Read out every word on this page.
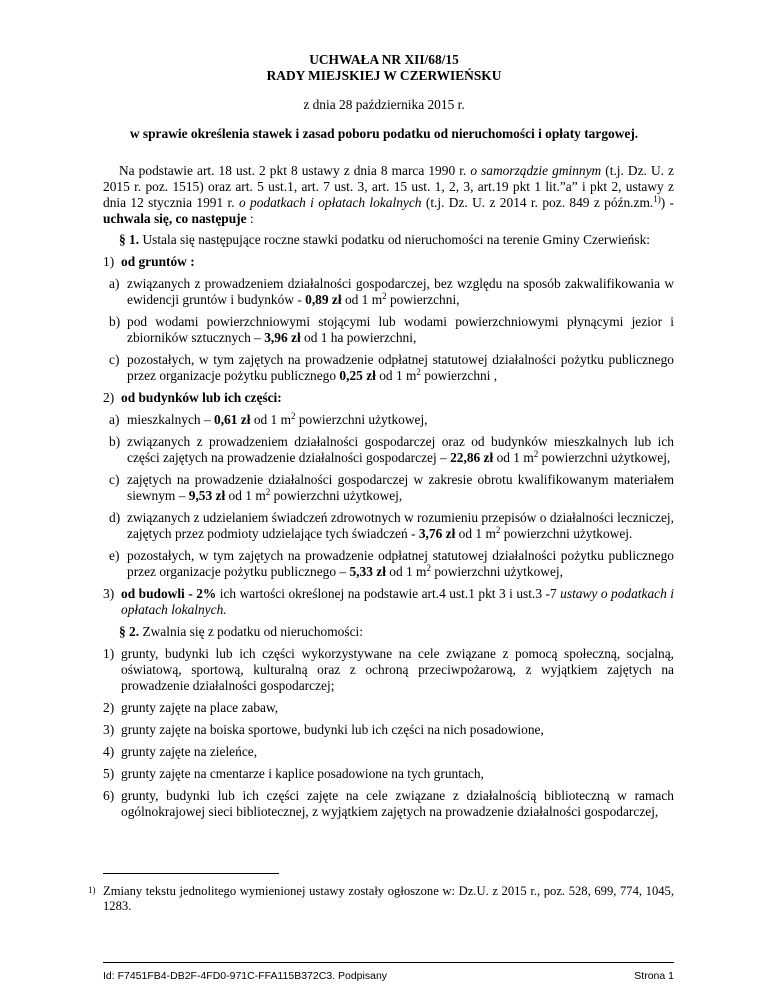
UCHWAŁA NR XII/68/15
RADY MIEJSKIEJ W CZERWIEŃSKU
z dnia 28 października 2015 r.
w sprawie określenia stawek i zasad poboru podatku od nieruchomości i opłaty targowej.

Na podstawie art. 18 ust. 2 pkt 8 ustawy z dnia 8 marca 1990 r. o samorządzie gminnym (t.j. Dz. U. z 2015 r. poz. 1515) oraz art. 5 ust.1, art. 7 ust. 3, art. 15 ust. 1, 2, 3, art.19 pkt 1 lit.”a” i pkt 2, ustawy z dnia 12 stycznia 1991 r. o podatkach i opłatach lokalnych (t.j. Dz. U. z 2014 r. poz. 849 z późn.zm.$^{1)}$) - uchwala się, co następuje :

§ 1. Ustala się następujące roczne stawki podatku od nieruchomości na terenie Gminy Czerwieńsk:

1) od gruntów :
a) związanych z prowadzeniem działalności gospodarczej, bez względu na sposób zakwalifikowania w ewidencji gruntów i budynków - 0,89 zł od 1 $m^2$ powierzchni,
b) pod wodami powierzchniowymi stojącymi lub wodami powierzchniowymi płynącymi jezior i zbiorników sztucznych – 3,96 zł od 1 ha powierzchni,
c) pozostałych, w tym zajętych na prowadzenie odpłatnej statutowej działalności pożytku publicznego przez organizacje pożytku publicznego 0,25 zł od 1 $m^2$ powierzchni ,
2) od budynków lub ich części:
a) mieszkalnych – 0,61 zł od 1 $m^2$ powierzchni użytkowej,
b) związanych z prowadzeniem działalności gospodarczej oraz od budynków mieszkalnych lub ich części zajętych na prowadzenie działalności gospodarczej – 22,86 zł od 1 $m^2$ powierzchni użytkowej,
c) zajętych na prowadzenie działalności gospodarczej w zakresie obrotu kwalifikowanym materiałem siewnym – 9,53 zł od 1 $m^2$ powierzchni użytkowej,
d) związanych z udzielaniem świadczeń zdrowotnych w rozumieniu przepisów o działalności leczniczej, zajętych przez podmioty udzielające tych świadczeń - 3,76 zł od 1 $m^2$ powierzchni użytkowej.
e) pozostałych, w tym zajętych na prowadzenie odpłatnej statutowej działalności pożytku publicznego przez organizacje pożytku publicznego – 5,33 zł od 1 $m^2$ powierzchni użytkowej,
3) od budowli - 2% ich wartości określonej na podstawie art.4 ust.1 pkt 3 i ust.3 -7 ustawy o podatkach i opłatach lokalnych.

§ 2. Zwalnia się z podatku od nieruchomości:

1) grunty, budynki lub ich części wykorzystywane na cele związane z pomocą społeczną, socjalną, oświatową, sportową, kulturalną oraz z ochroną przeciwpożarową, z wyjątkiem zajętych na prowadzenie działalności gospodarczej;
2) grunty zajęte na place zabaw,
3) grunty zajęte na boiska sportowe, budynki lub ich części na nich posadowione,
4) grunty zajęte na zieleńce,
5) grunty zajęte na cmentarze i kaplice posadowione na tych gruntach,
6) grunty, budynki lub ich części zajęte na cele związane z działalnością biblioteczną w ramach ogólnokrajowej sieci bibliotecznej, z wyjątkiem zajętych na prowadzenie działalności gospodarczej,
1) Zmiany tekstu jednolitego wymienionej ustawy zostały ogłoszone w: Dz.U. z 2015 r., poz. 528, 699, 774, 1045, 1283.
Id: F7451FB4-DB2F-4FD0-971C-FFA115B372C3. Podpisany	Strona 1
